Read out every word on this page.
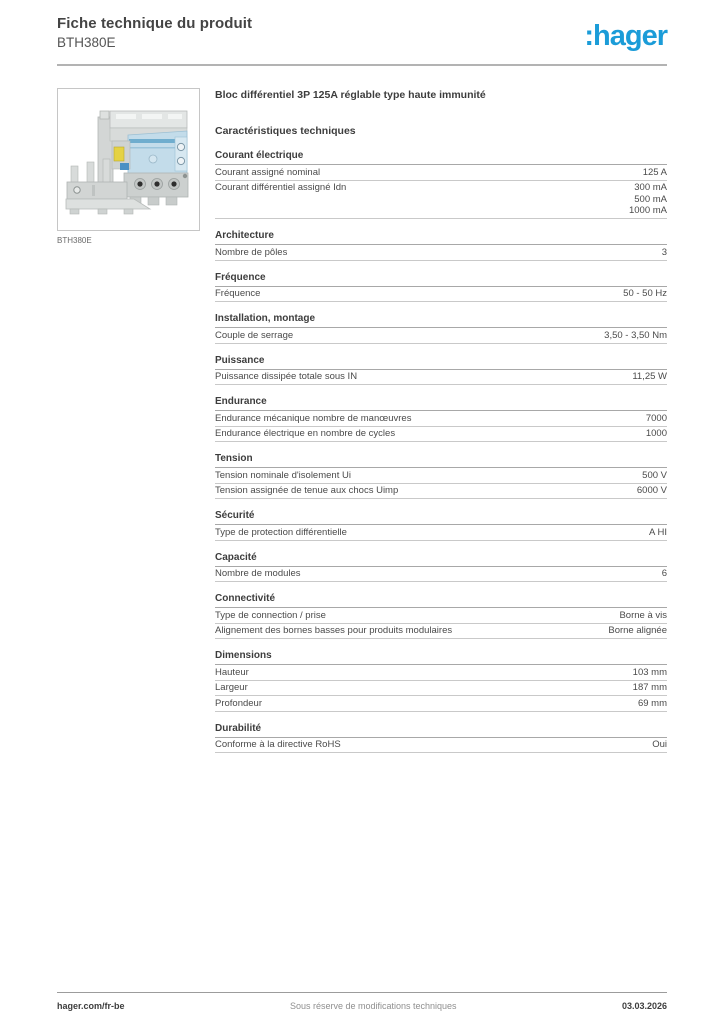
Fiche technique du produit
BTH380E	:hager
BTH380E
Bloc différentiel 3P 125A réglable type haute immunité
Caractéristiques techniques
Courant électrique
Courant assigné nominal	125 A
Courant différentiel assigné Idn	300 mA
500 mA
1000 mA
Architecture
Nombre de pôles	3
Fréquence
Fréquence	50 - 50 Hz
Installation, montage
Couple de serrage	3,50 - 3,50 Nm
Puissance
Puissance dissipée totale sous IN	11,25 W
Endurance
Endurance mécanique nombre de manœuvres	7000
Endurance électrique en nombre de cycles	1000
Tension
Tension nominale d'isolement Ui	500 V
Tension assignée de tenue aux chocs Uimp	6000 V
Sécurité
Type de protection différentielle	A HI
Capacité
Nombre de modules	6
Connectivité
Type de connection / prise	Borne à vis
Alignement des bornes basses pour produits modulaires	Borne alignée
Dimensions
Hauteur	103 mm
Largeur	187 mm
Profondeur	69 mm
Durabilité
Conforme à la directive RoHS	Oui
hager.com/fr-be	Sous réserve de modifications techniques	03.03.2026
